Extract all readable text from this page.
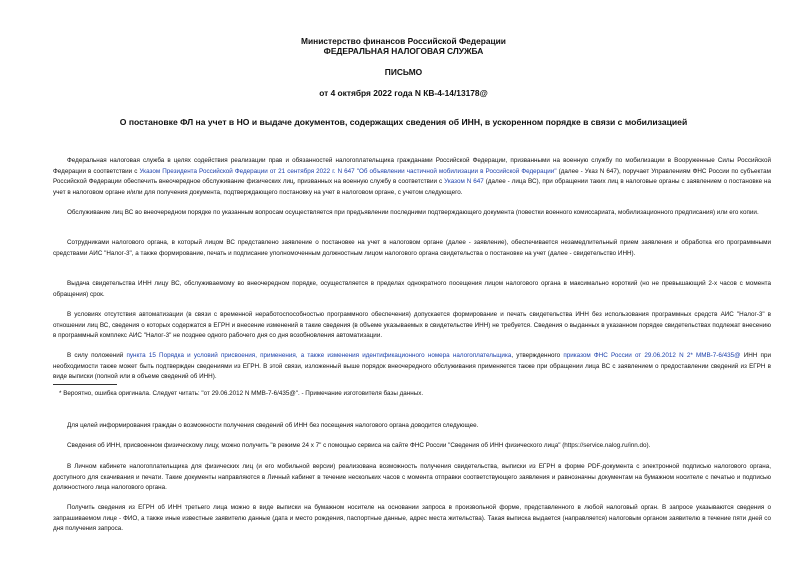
Министерство финансов Российской Федерации
ФЕДЕРАЛЬНАЯ НАЛОГОВАЯ СЛУЖБА
ПИСЬМО
от 4 октября 2022 года N КВ-4-14/13178@
О постановке ФЛ на учет в НО и выдаче документов, содержащих сведения об ИНН, в ускоренном порядке в связи с мобилизацией
Федеральная налоговая служба в целях содействия реализации прав и обязанностей налогоплательщика гражданами Российской Федерации, призванными на военную службу по мобилизации в Вооруженные Силы Российской Федерации в соответствии с Указом Президента Российской Федерации от 21 сентября 2022 г. N 647 "Об объявлении частичной мобилизации в Российской Федерации" (далее - Указ N 647), поручает Управлениям ФНС России по субъектам Российской Федерации обеспечить внеочередное обслуживание физических лиц, призванных на военную службу в соответствии с Указом N 647 (далее - лица ВС), при обращении таких лиц в налоговые органы с заявлением о постановке на учет в налоговом органе и/или для получения документа, подтверждающего постановку на учет в налоговом органе, с учетом следующего.
Обслуживание лиц ВС во внеочередном порядке по указанным вопросам осуществляется при предъявлении последними подтверждающего документа (повестки военного комиссариата, мобилизационного предписания) или его копии.
Сотрудниками налогового органа, в который лицом ВС представлено заявление о постановке на учет в налоговом органе (далее - заявление), обеспечивается незамедлительный прием заявления и обработка его программными средствами АИС "Налог-3", а также формирование, печать и подписание уполномоченным должностным лицом налогового органа свидетельства о постановке на учет (далее - свидетельство ИНН).
Выдача свидетельства ИНН лицу ВС, обслуживаемому во внеочередном порядке, осуществляется в пределах однократного посещения лицом налогового органа в максимально короткий (но не превышающий 2-х часов с момента обращения) срок.
В условиях отсутствия автоматизации (в связи с временной неработоспособностью программного обеспечения) допускается формирование и печать свидетельства ИНН без использования программных средств АИС "Налог-3" в отношении лиц ВС, сведения о которых содержатся в ЕГРН и внесение изменений в такие сведения (в объеме указываемых в свидетельстве ИНН) не требуется. Сведения о выданных в указанном порядке свидетельствах подлежат внесению в программный комплекс АИС "Налог-3" не позднее одного рабочего дня со дня возобновления автоматизации.
В силу положений пункта 15 Порядка и условий присвоения, применения, а также изменения идентификационного номера налогоплательщика, утвержденного приказом ФНС России от 29.06.2012 N 2* ММВ-7-6/435@ ИНН при необходимости также может быть подтвержден сведениями из ЕГРН. В этой связи, изложенный выше порядок внеочередного обслуживания применяется также при обращении лица ВС с заявлением о предоставлении сведений из ЕГРН в виде выписки (полной или в объеме сведений об ИНН).
* Вероятно, ошибка оригинала. Следует читать: "от 29.06.2012 N ММВ-7-6/435@". - Примечание изготовителя базы данных.
Для целей информирования граждан о возможности получения сведений об ИНН без посещения налогового органа доводится следующее.
Сведения об ИНН, присвоенном физическому лицу, можно получить "в режиме 24 х 7" с помощью сервиса на сайте ФНС России "Сведения об ИНН физического лица" (https://service.nalog.ru/inn.do).
В Личном кабинете налогоплательщика для физических лиц (и его мобильной версии) реализована возможность получения свидетельства, выписки из ЕГРН в форме PDF-документа с электронной подписью налогового органа, доступного для скачивания и печати. Такие документы направляются в Личный кабинет в течение нескольких часов с момента отправки соответствующего заявления и равнозначны документам на бумажном носителе с печатью и подписью должностного лица налогового органа.
Получить сведения из ЕГРН об ИНН третьего лица можно в виде выписки на бумажном носителе на основании запроса в произвольной форме, представленного в любой налоговый орган. В запросе указываются сведения о запрашиваемом лице - ФИО, а также иные известные заявителю данные (дата и место рождения, паспортные данные, адрес места жительства). Такая выписка выдается (направляется) налоговым органом заявителю в течение пяти дней со дня получения запроса.
